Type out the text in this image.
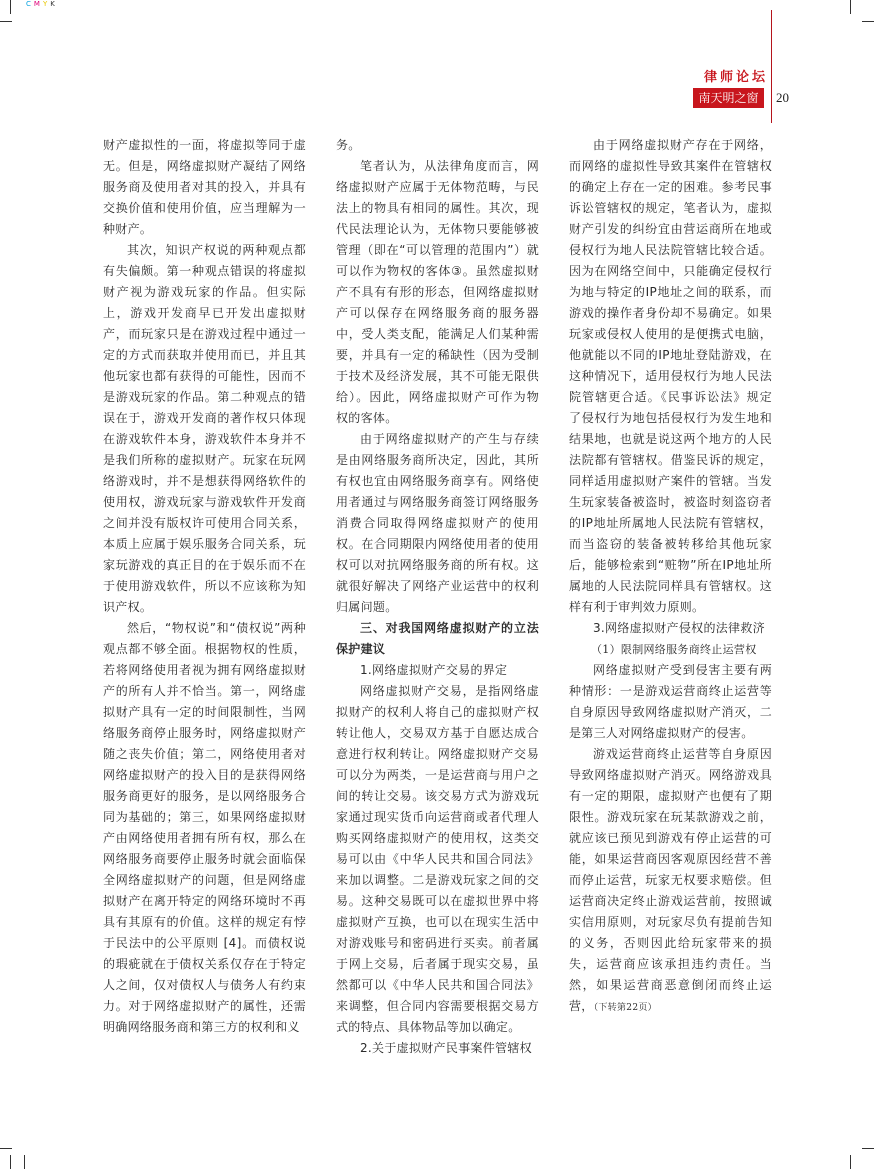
CMYK
律师论坛
南天明之窗	20

财产虚拟性的一面，将虚拟等同于虚无。但是，网络虚拟财产凝结了网络服务商及使用者对其的投入，并具有交换价值和使用价值，应当理解为一种财产。

其次，知识产权说的两种观点都有失偏颇。第一种观点错误的将虚拟财产视为游戏玩家的作品。但实际上，游戏开发商早已开发出虚拟财产，而玩家只是在游戏过程中通过一定的方式而获取并使用而已，并且其他玩家也都有获得的可能性，因而不是游戏玩家的作品。第二种观点的错误在于，游戏开发商的著作权只体现在游戏软件本身，游戏软件本身并不是我们所称的虚拟财产。玩家在玩网络游戏时，并不是想获得网络软件的使用权，游戏玩家与游戏软件开发商之间并没有版权许可使用合同关系，本质上应属于娱乐服务合同关系，玩家玩游戏的真正目的在于娱乐而不在于使用游戏软件，所以不应该称为知识产权。

然后，“物权说”和“债权说”两种观点都不够全面。根据物权的性质，若将网络使用者视为拥有网络虚拟财产的所有人并不恰当。第一，网络虚拟财产具有一定的时间限制性，当网络服务商停止服务时，网络虚拟财产随之丧失价值；第二，网络使用者对网络虚拟财产的投入目的是获得网络服务商更好的服务，是以网络服务合同为基础的；第三，如果网络虚拟财产由网络使用者拥有所有权，那么在网络服务商要停止服务时就会面临保全网络虚拟财产的问题，但是网络虚拟财产在离开特定的网络环境时不再具有其原有的价值。这样的规定有悖于民法中的公平原则 [4]。而债权说的瑕疵就在于债权关系仅存在于特定人之间，仅对债权人与债务人有约束力。对于网络虚拟财产的属性，还需明确网络服务商和第三方的权利和义

务。

笔者认为，从法律角度而言，网络虚拟财产应属于无体物范畴，与民法上的物具有相同的属性。其次，现代民法理论认为，无体物只要能够被管理（即在“可以管理的范围内”）就可以作为物权的客体③。虽然虚拟财产不具有有形的形态，但网络虚拟财产可以保存在网络服务商的服务器中，受人类支配，能满足人们某种需要，并具有一定的稀缺性（因为受制于技术及经济发展，其不可能无限供给）。因此，网络虚拟财产可作为物权的客体。

由于网络虚拟财产的产生与存续是由网络服务商所决定，因此，其所有权也宜由网络服务商享有。网络使用者通过与网络服务商签订网络服务消费合同取得网络虚拟财产的使用权。在合同期限内网络使用者的使用权可以对抗网络服务商的所有权。这就很好解决了网络产业运营中的权利归属问题。

三、对我国网络虚拟财产的立法保护建议

1.网络虚拟财产交易的界定

网络虚拟财产交易，是指网络虚拟财产的权利人将自己的虚拟财产权转让他人，交易双方基于自愿达成合意进行权利转让。网络虚拟财产交易可以分为两类，一是运营商与用户之间的转让交易。该交易方式为游戏玩家通过现实货币向运营商或者代理人购买网络虚拟财产的使用权，这类交易可以由《中华人民共和国合同法》来加以调整。二是游戏玩家之间的交易。这种交易既可以在虚拟世界中将虚拟财产互换，也可以在现实生活中对游戏账号和密码进行买卖。前者属于网上交易，后者属于现实交易，虽然都可以《中华人民共和国合同法》来调整，但合同内容需要根据交易方式的特点、具体物品等加以确定。

2.关于虚拟财产民事案件管辖权

由于网络虚拟财产存在于网络，而网络的虚拟性导致其案件在管辖权的确定上存在一定的困难。参考民事诉讼管辖权的规定，笔者认为，虚拟财产引发的纠纷宜由营运商所在地或侵权行为地人民法院管辖比较合适。因为在网络空间中，只能确定侵权行为地与特定的IP地址之间的联系，而游戏的操作者身份却不易确定。如果玩家或侵权人使用的是便携式电脑，他就能以不同的IP地址登陆游戏，在这种情况下，适用侵权行为地人民法院管辖更合适。《民事诉讼法》规定了侵权行为地包括侵权行为发生地和结果地，也就是说这两个地方的人民法院都有管辖权。借鉴民诉的规定，同样适用虚拟财产案件的管辖。当发生玩家装备被盗时，被盗时刻盗窃者的IP地址所属地人民法院有管辖权，而当盗窃的装备被转移给其他玩家后，能够检索到“赃物”所在IP地址所属地的人民法院同样具有管辖权。这样有利于审判效力原则。

3.网络虚拟财产侵权的法律救济

（1）限制网络服务商终止运营权

网络虚拟财产受到侵害主要有两种情形：一是游戏运营商终止运营等自身原因导致网络虚拟财产消灭，二是第三人对网络虚拟财产的侵害。

游戏运营商终止运营等自身原因导致网络虚拟财产消灭。网络游戏具有一定的期限，虚拟财产也便有了期限性。游戏玩家在玩某款游戏之前，就应该已预见到游戏有停止运营的可能，如果运营商因客观原因经营不善而停止运营，玩家无权要求赔偿。但运营商决定终止游戏运营前，按照诚实信用原则，对玩家尽负有提前告知的义务，否则因此给玩家带来的损失，运营商应该承担违约责任。当然，如果运营商恶意倒闭而终止运营，（下转第22页）
